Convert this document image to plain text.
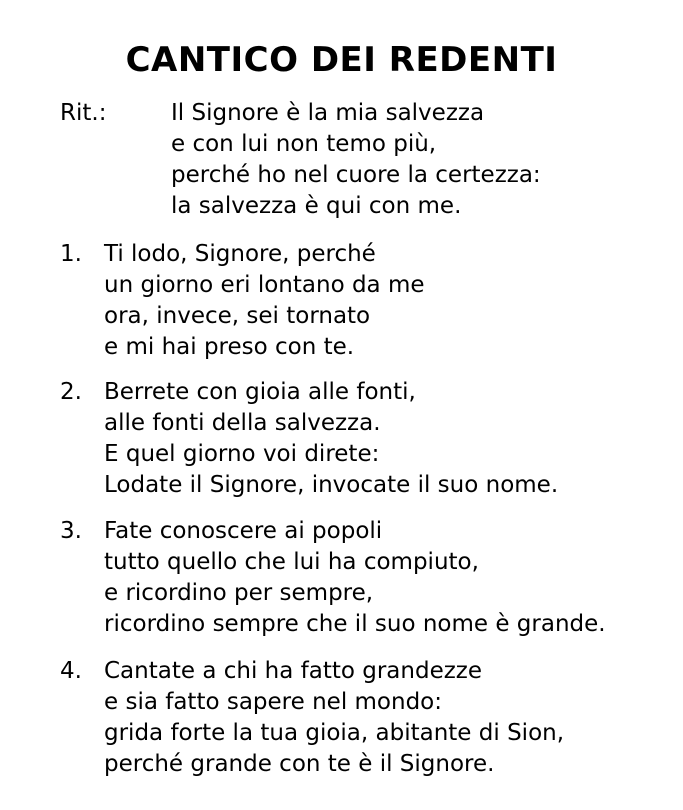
CANTICO DEI REDENTI
Rit.:	Il Signore è la mia salvezza
e con lui non temo più,
perché ho nel cuore la certezza:
la salvezza è qui con me.
1. Ti lodo, Signore, perché
un giorno eri lontano da me
ora, invece, sei tornato
e mi hai preso con te.
2. Berrete con gioia alle fonti,
alle fonti della salvezza.
E quel giorno voi direte:
Lodate il Signore, invocate il suo nome.
3. Fate conoscere ai popoli
tutto quello che lui ha compiuto,
e ricordino per sempre,
ricordino sempre che il suo nome è grande.
4. Cantate a chi ha fatto grandezze
e sia fatto sapere nel mondo:
grida forte la tua gioia, abitante di Sion,
perché grande con te è il Signore.
